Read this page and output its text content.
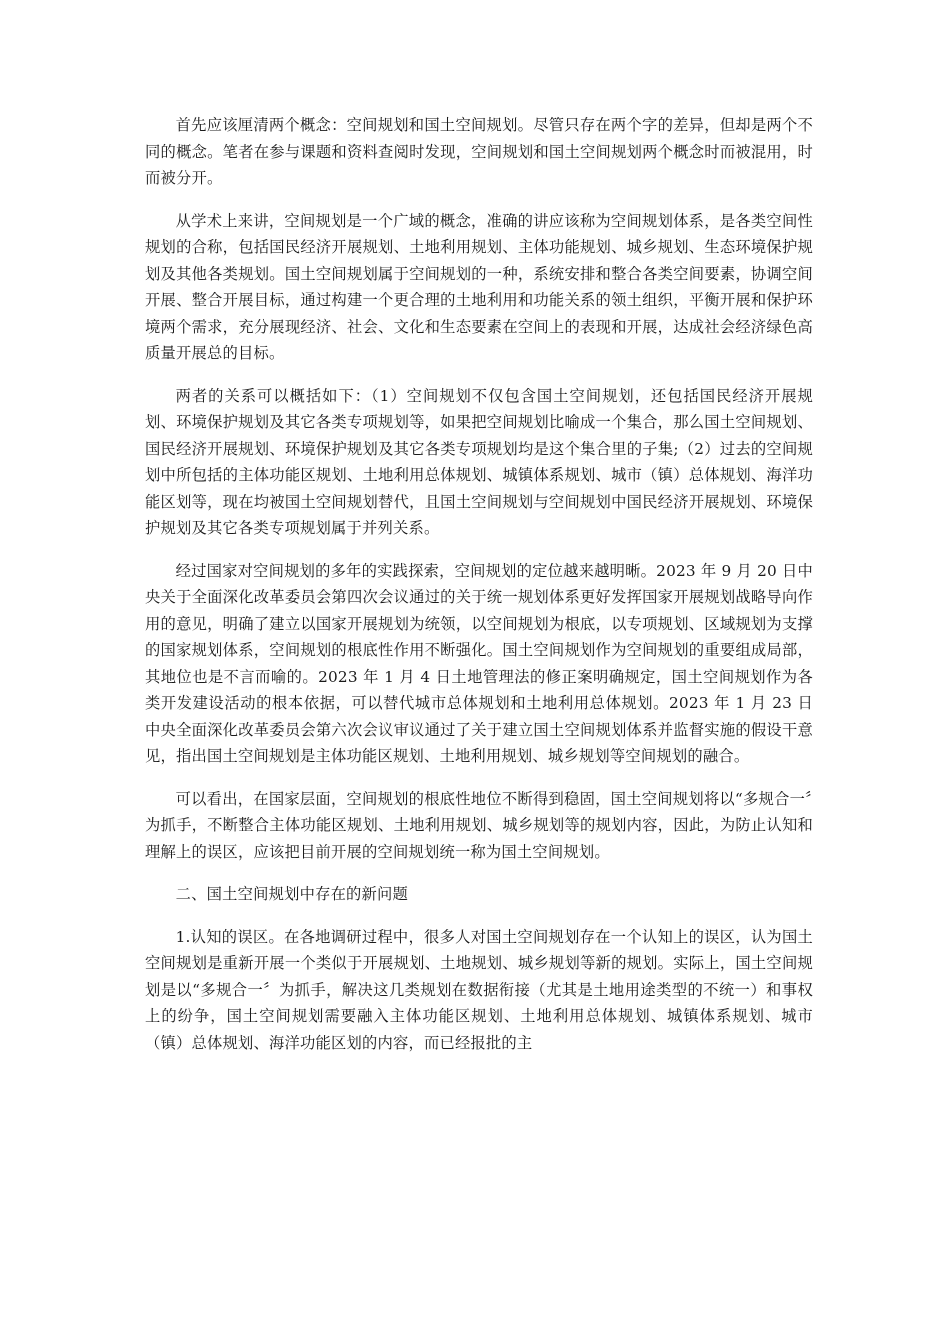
首先应该厘清两个概念：空间规划和国土空间规划。尽管只存在两个字的差异，但却是两个不同的概念。笔者在参与课题和资料查阅时发现，空间规划和国土空间规划两个概念时而被混用，时而被分开。

从学术上来讲，空间规划是一个广域的概念，准确的讲应该称为空间规划体系，是各类空间性规划的合称，包括国民经济开展规划、土地利用规划、主体功能规划、城乡规划、生态环境保护规划及其他各类规划。国土空间规划属于空间规划的一种，系统安排和整合各类空间要素，协调空间开展、整合开展目标，通过构建一个更合理的土地利用和功能关系的领土组织，平衡开展和保护环境两个需求，充分展现经济、社会、文化和生态要素在空间上的表现和开展，达成社会经济绿色高质量开展总的目标。

两者的关系可以概括如下：（1）空间规划不仅包含国土空间规划，还包括国民经济开展规划、环境保护规划及其它各类专项规划等，如果把空间规划比喻成一个集合，那么国土空间规划、国民经济开展规划、环境保护规划及其它各类专项规划均是这个集合里的子集;（2）过去的空间规划中所包括的主体功能区规划、土地利用总体规划、城镇体系规划、城市（镇）总体规划、海洋功能区划等，现在均被国土空间规划替代，且国土空间规划与空间规划中国民经济开展规划、环境保护规划及其它各类专项规划属于并列关系。

经过国家对空间规划的多年的实践探索，空间规划的定位越来越明晰。2023 年 9 月 20 日中央关于全面深化改革委员会第四次会议通过的关于统一规划体系更好发挥国家开展规划战略导向作用的意见，明确了建立以国家开展规划为统领，以空间规划为根底，以专项规划、区域规划为支撑的国家规划体系，空间规划的根底性作用不断强化。国土空间规划作为空间规划的重要组成局部，其地位也是不言而喻的。2023 年 1 月 4 日土地管理法的修正案明确规定，国土空间规划作为各类开发建设活动的根本依据，可以替代城市总体规划和土地利用总体规划。2023 年 1 月 23 日中央全面深化改革委员会第六次会议审议通过了关于建立国土空间规划体系并监督实施的假设干意见，指出国土空间规划是主体功能区规划、土地利用规划、城乡规划等空间规划的融合。

可以看出，在国家层面，空间规划的根底性地位不断得到稳固，国土空间规划将以“多规合一〞为抓手，不断整合主体功能区规划、土地利用规划、城乡规划等的规划内容，因此，为防止认知和理解上的误区，应该把目前开展的空间规划统一称为国土空间规划。

二、国土空间规划中存在的新问题

1.认知的误区。在各地调研过程中，很多人对国土空间规划存在一个认知上的误区，认为国土空间规划是重新开展一个类似于开展规划、土地规划、城乡规划等新的规划。实际上，国土空间规划是以“多规合一〞为抓手，解决这几类规划在数据衔接（尤其是土地用途类型的不统一）和事权上的纷争，国土空间规划需要融入主体功能区规划、土地利用总体规划、城镇体系规划、城市（镇）总体规划、海洋功能区划的内容，而已经报批的主
